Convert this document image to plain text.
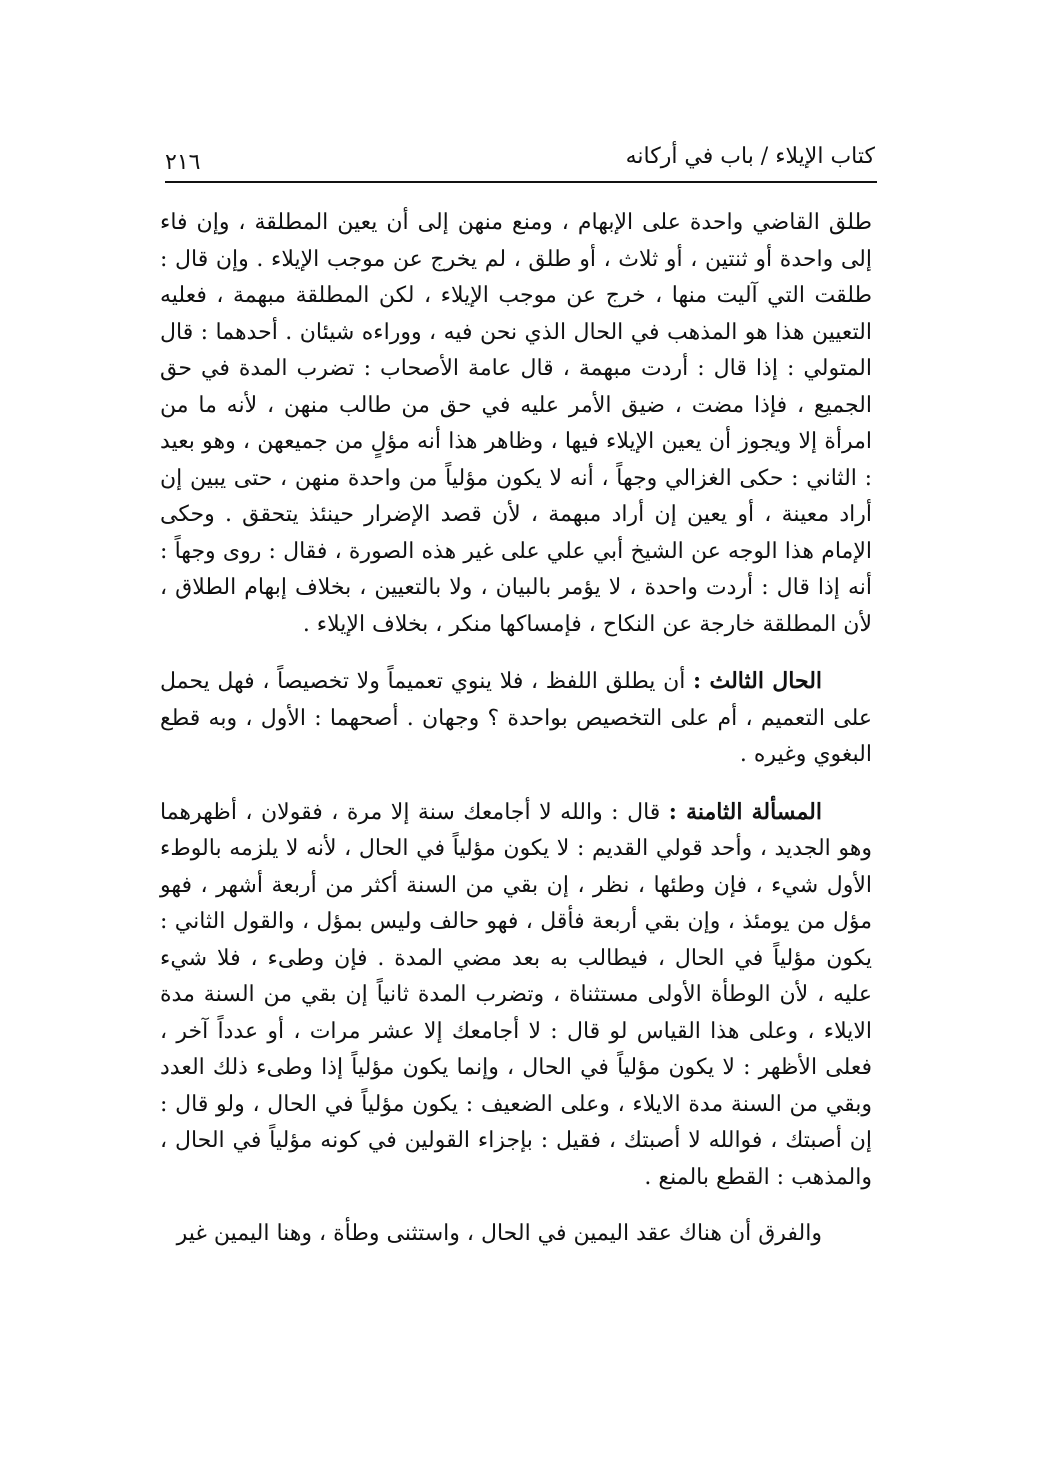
كتاب الإيلاء / باب في أركانه
٢١٦

طلق القاضي واحدة على الإبهام ، ومنع منهن إلى أن يعين المطلقة ، وإن فاء إلى واحدة أو ثنتين ، أو ثلاث ، أو طلق ، لم يخرج عن موجب الإيلاء . وإن قال : طلقت التي آليت منها ، خرج عن موجب الإيلاء ، لكن المطلقة مبهمة ، فعليه التعيين هذا هو المذهب في الحال الذي نحن فيه ، ووراءه شيئان . أحدهما : قال المتولي : إذا قال : أردت مبهمة ، قال عامة الأصحاب : تضرب المدة في حق الجميع ، فإذا مضت ، ضيق الأمر عليه في حق من طالب منهن ، لأنه ما من امرأة إلا ويجوز أن يعين الإيلاء فيها ، وظاهر هذا أنه مؤلٍ من جميعهن ، وهو بعيد : الثاني : حكى الغزالي وجهاً ، أنه لا يكون مؤلياً من واحدة منهن ، حتى يبين إن أراد معينة ، أو يعين إن أراد مبهمة ، لأن قصد الإضرار حينئذ يتحقق . وحكى الإمام هذا الوجه عن الشيخ أبي علي على غير هذه الصورة ، فقال : روى وجهاً : أنه إذا قال : أردت واحدة ، لا يؤمر بالبيان ، ولا بالتعيين ، بخلاف إبهام الطلاق ، لأن المطلقة خارجة عن النكاح ، فإمساكها منكر ، بخلاف الإيلاء .

الحال الثالث : أن يطلق اللفظ ، فلا ينوي تعميماً ولا تخصيصاً ، فهل يحمل على التعميم ، أم على التخصيص بواحدة ؟ وجهان . أصحهما : الأول ، وبه قطع البغوي وغيره .

المسألة الثامنة : قال : والله لا أجامعك سنة إلا مرة ، فقولان ، أظهرهما وهو الجديد ، وأحد قولي القديم : لا يكون مؤلياً في الحال ، لأنه لا يلزمه بالوطء الأول شيء ، فإن وطئها ، نظر ، إن بقي من السنة أكثر من أربعة أشهر ، فهو مؤل من يومئذ ، وإن بقي أربعة فأقل ، فهو حالف وليس بمؤل ، والقول الثاني : يكون مؤلياً في الحال ، فيطالب به بعد مضي المدة . فإن وطىء ، فلا شيء عليه ، لأن الوطأة الأولى مستثناة ، وتضرب المدة ثانياً إن بقي من السنة مدة الايلاء ، وعلى هذا القياس لو قال : لا أجامعك إلا عشر مرات ، أو عدداً آخر ، فعلى الأظهر : لا يكون مؤلياً في الحال ، وإنما يكون مؤلياً إذا وطىء ذلك العدد وبقي من السنة مدة الايلاء ، وعلى الضعيف : يكون مؤلياً في الحال ، ولو قال : إن أصبتك ، فوالله لا أصبتك ، فقيل : بإجزاء القولين في كونه مؤلياً في الحال ، والمذهب : القطع بالمنع .

والفرق أن هناك عقد اليمين في الحال ، واستثنى وطأة ، وهنا اليمين غير
